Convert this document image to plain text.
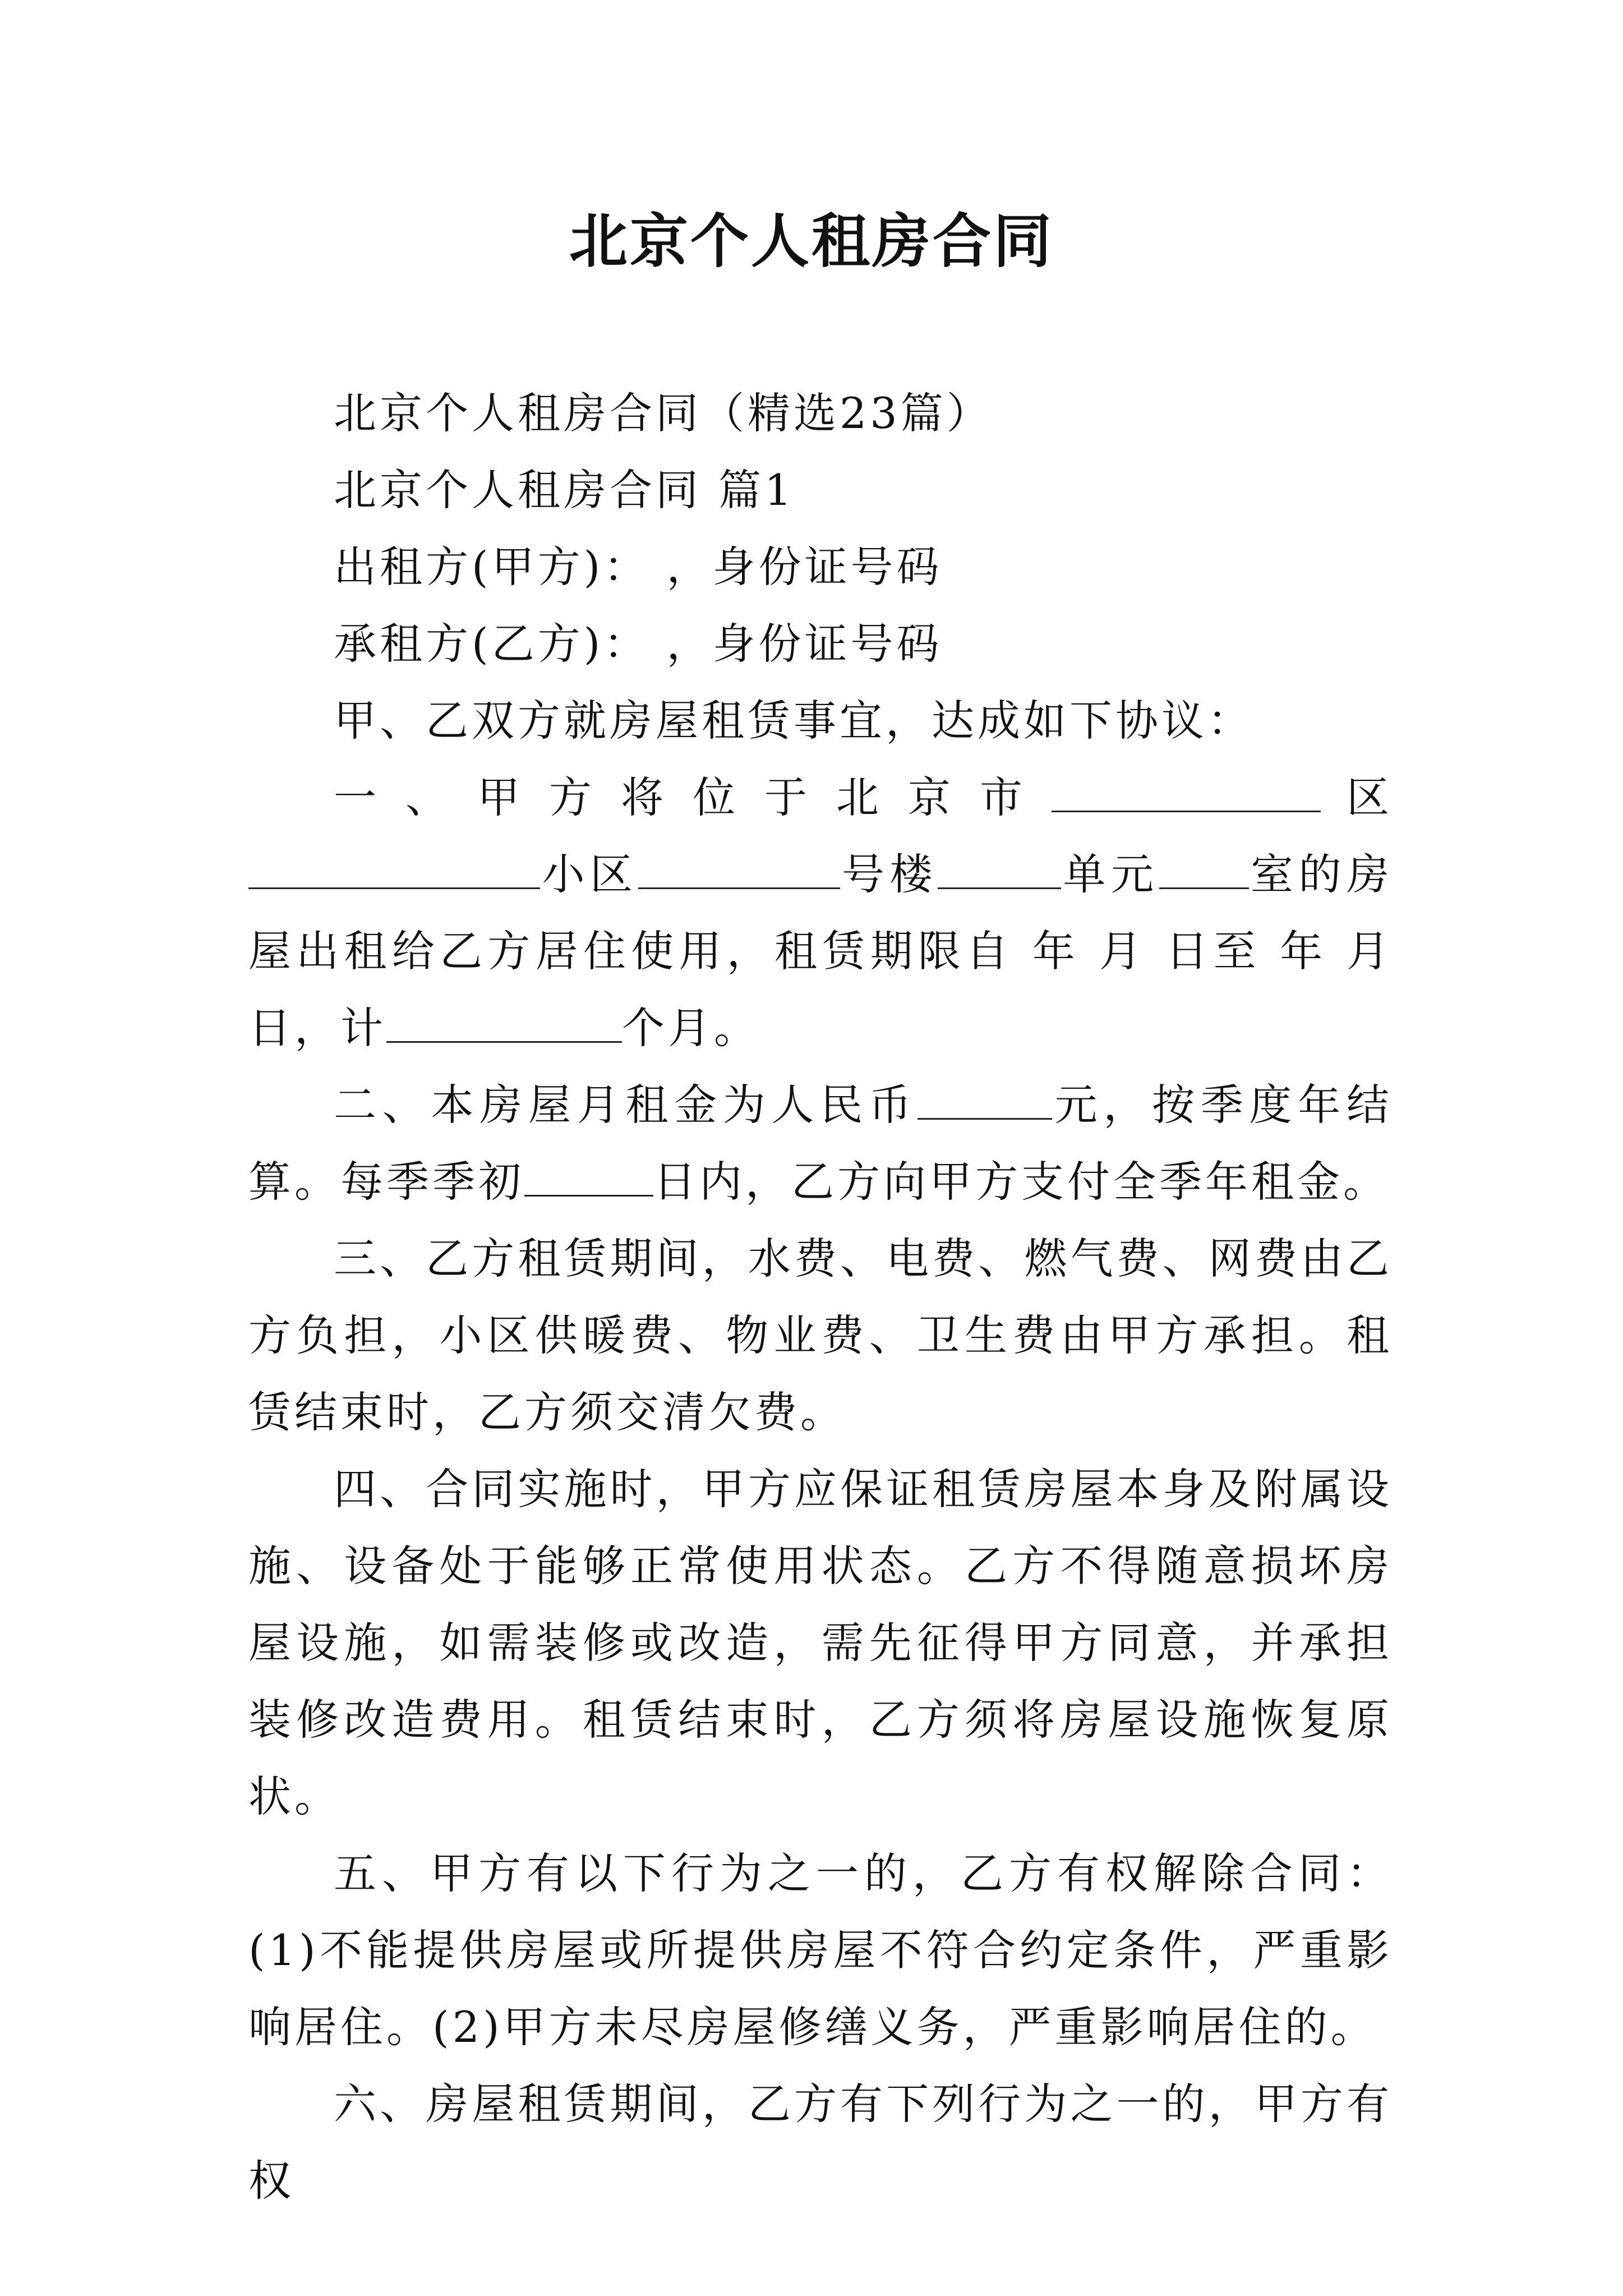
北京个人租房合同

北京个人租房合同（精选23篇）

北京个人租房合同 篇1

出租方(甲方)： ，身份证号码

承租方(乙方)： ，身份证号码

甲、乙双方就房屋租赁事宜，达成如下协议：

一、甲方将位于北京市	区小区	号楼	单元 室的房屋出租给乙方居住使用，租赁期限自 年 月 日至 年 月 日，计	个月。

二、本房屋月租金为人民币	元，按季度年结算。每季季初	日内，乙方向甲方支付全季年租金。

三、乙方租赁期间，水费、电费、燃气费、网费由乙方负担，小区供暖费、物业费、卫生费由甲方承担。租赁结束时，乙方须交清欠费。

四、合同实施时，甲方应保证租赁房屋本身及附属设施、设备处于能够正常使用状态。乙方不得随意损坏房屋设施，如需装修或改造，需先征得甲方同意，并承担装修改造费用。租赁结束时，乙方须将房屋设施恢复原状。

五、甲方有以下行为之一的，乙方有权解除合同： (1)不能提供房屋或所提供房屋不符合约定条件，严重影响居住。(2)甲方未尽房屋修缮义务，严重影响居住的。

六、房屋租赁期间，乙方有下列行为之一的，甲方有权
